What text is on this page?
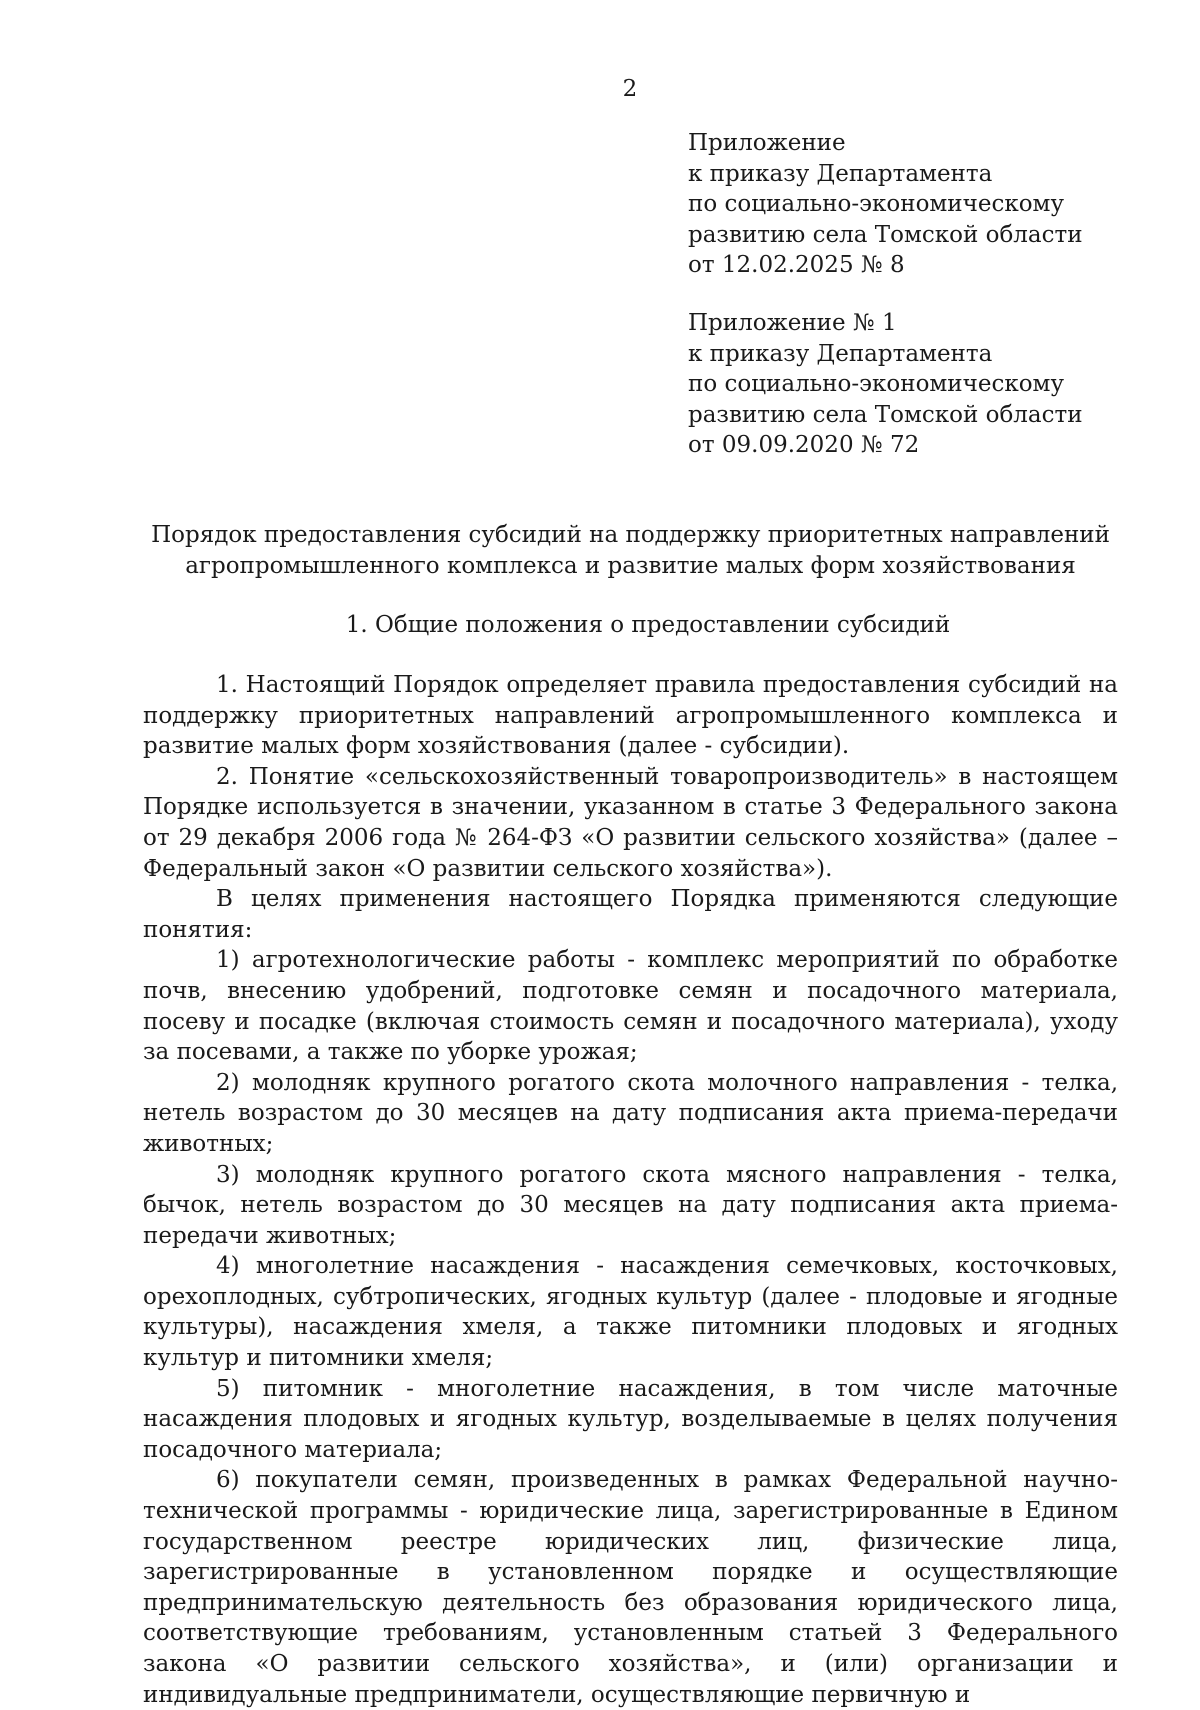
2
Приложение
к приказу Департамента
по социально-экономическому
развитию села Томской области
от 12.02.2025 № 8
Приложение № 1
к приказу Департамента
по социально-экономическому
развитию села Томской области
от 09.09.2020 № 72
Порядок предоставления субсидий на поддержку приоритетных направлений агропромышленного комплекса и развитие малых форм хозяйствования
1. Общие положения о предоставлении субсидий

1. Настоящий Порядок определяет правила предоставления субсидий на поддержку приоритетных направлений агропромышленного комплекса и развитие малых форм хозяйствования (далее - субсидии).

2. Понятие «сельскохозяйственный товаропроизводитель» в настоящем Порядке используется в значении, указанном в статье 3 Федерального закона от 29 декабря 2006 года № 264-ФЗ «О развитии сельского хозяйства» (далее – Федеральный закон «О развитии сельского хозяйства»).

В целях применения настоящего Порядка применяются следующие понятия:

1) агротехнологические работы - комплекс мероприятий по обработке почв, внесению удобрений, подготовке семян и посадочного материала, посеву и посадке (включая стоимость семян и посадочного материала), уходу за посевами, а также по уборке урожая;

2) молодняк крупного рогатого скота молочного направления - телка, нетель возрастом до 30 месяцев на дату подписания акта приема-передачи животных;

3) молодняк крупного рогатого скота мясного направления - телка, бычок, нетель возрастом до 30 месяцев на дату подписания акта приема-передачи животных;

4) многолетние насаждения - насаждения семечковых, косточковых, орехоплодных, субтропических, ягодных культур (далее - плодовые и ягодные культуры), насаждения хмеля, а также питомники плодовых и ягодных культур и питомники хмеля;

5) питомник - многолетние насаждения, в том числе маточные насаждения плодовых и ягодных культур, возделываемые в целях получения посадочного материала;

6) покупатели семян, произведенных в рамках Федеральной научно-технической программы - юридические лица, зарегистрированные в Едином государственном реестре юридических лиц, физические лица, зарегистрированные в установленном порядке и осуществляющие предпринимательскую деятельность без образования юридического лица, соответствующие требованиям, установленным статьей 3 Федерального закона «О развитии сельского хозяйства», и (или) организации и индивидуальные предприниматели, осуществляющие первичную и
